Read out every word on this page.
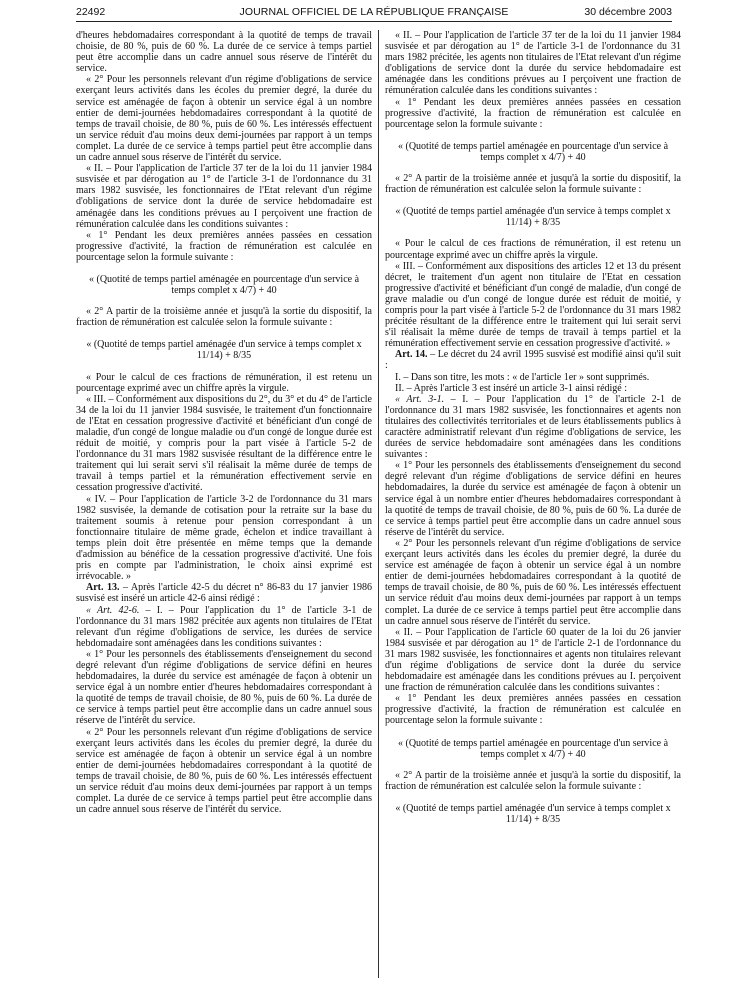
22492	JOURNAL OFFICIEL DE LA RÉPUBLIQUE FRANÇAISE	30 décembre 2003

d'heures hebdomadaires correspondant à la quotité de temps de travail choisie, de 80 %, puis de 60 %. La durée de ce service à temps partiel peut être accomplie dans un cadre annuel sous réserve de l'intérêt du service.

« 2° Pour les personnels relevant d'un régime d'obligations de service exerçant leurs activités dans les écoles du premier degré, la durée du service est aménagée de façon à obtenir un service égal à un nombre entier de demi-journées hebdomadaires correspondant à la quotité de temps de travail choisie, de 80 %, puis de 60 %. Les intéressés effectuent un service réduit d'au moins deux demi-journées par rapport à un temps complet. La durée de ce service à temps partiel peut être accomplie dans un cadre annuel sous réserve de l'intérêt du service.

« II. – Pour l'application de l'article 37 ter de la loi du 11 janvier 1984 susvisée et par dérogation au 1° de l'article 3-1 de l'ordonnance du 31 mars 1982 susvisée, les fonctionnaires de l'Etat relevant d'un régime d'obligations de service dont la durée de service hebdomadaire est aménagée dans les conditions prévues au I perçoivent une fraction de rémunération calculée dans les conditions suivantes :

« 1° Pendant les deux premières années passées en cessation progressive d'activité, la fraction de rémunération est calculée en pourcentage selon la formule suivante :

« (Quotité de temps partiel aménagée en pourcentage d'un service à temps complet x 4/7) + 40

« 2° A partir de la troisième année et jusqu'à la sortie du dispositif, la fraction de rémunération est calculée selon la formule suivante :

« (Quotité de temps partiel aménagée d'un service à temps complet x 11/14) + 8/35

« Pour le calcul de ces fractions de rémunération, il est retenu un pourcentage exprimé avec un chiffre après la virgule.

« III. – Conformément aux dispositions du 2°, du 3° et du 4° de l'article 34 de la loi du 11 janvier 1984 susvisée, le traitement d'un fonctionnaire de l'Etat en cessation progressive d'activité et bénéficiant d'un congé de maladie, d'un congé de longue maladie ou d'un congé de longue durée est réduit de moitié, y compris pour la part visée à l'article 5-2 de l'ordonnance du 31 mars 1982 susvisée résultant de la différence entre le traitement qui lui serait servi s'il réalisait la même durée de temps de travail à temps partiel et la rémunération effectivement servie en cessation progressive d'activité.

« IV. – Pour l'application de l'article 3-2 de l'ordonnance du 31 mars 1982 susvisée, la demande de cotisation pour la retraite sur la base du traitement soumis à retenue pour pension correspondant à un fonctionnaire titulaire de même grade, échelon et indice travaillant à temps plein doit être présentée en même temps que la demande d'admission au bénéfice de la cessation progressive d'activité. Une fois pris en compte par l'administration, le choix ainsi exprimé est irrévocable. »

Art. 13. – Après l'article 42-5 du décret n° 86-83 du 17 janvier 1986 susvisé est inséré un article 42-6 ainsi rédigé :

« Art. 42-6. – I. – Pour l'application du 1° de l'article 3-1 de l'ordonnance du 31 mars 1982 précitée aux agents non titulaires de l'Etat relevant d'un régime d'obligations de service, les durées de service hebdomadaire sont aménagées dans les conditions suivantes :

« 1° Pour les personnels des établissements d'enseignement du second degré relevant d'un régime d'obligations de service défini en heures hebdomadaires, la durée du service est aménagée de façon à obtenir un service égal à un nombre entier d'heures hebdomadaires correspondant à la quotité de temps de travail choisie, de 80 %, puis de 60 %. La durée de ce service à temps partiel peut être accomplie dans un cadre annuel sous réserve de l'intérêt du service.

« 2° Pour les personnels relevant d'un régime d'obligations de service exerçant leurs activités dans les écoles du premier degré, la durée du service est aménagée de façon à obtenir un service égal à un nombre entier de demi-journées hebdomadaires correspondant à la quotité de temps de travail choisie, de 80 %, puis de 60 %. Les intéressés effectuent un service réduit d'au moins deux demi-journées par rapport à un temps complet. La durée de ce service à temps partiel peut être accomplie dans un cadre annuel sous réserve de l'intérêt du service.

« II. – Pour l'application de l'article 37 ter de la loi du 11 janvier 1984 susvisée et par dérogation au 1° de l'article 3-1 de l'ordonnance du 31 mars 1982 précitée, les agents non titulaires de l'Etat relevant d'un régime d'obligations de service dont la durée du service hebdomadaire est aménagée dans les conditions prévues au I perçoivent une fraction de rémunération calculée dans les conditions suivantes :

« 1° Pendant les deux premières années passées en cessation progressive d'activité, la fraction de rémunération est calculée en pourcentage selon la formule suivante :

« (Quotité de temps partiel aménagée en pourcentage d'un service à temps complet x 4/7) + 40

« 2° A partir de la troisième année et jusqu'à la sortie du dispositif, la fraction de rémunération est calculée selon la formule suivante :

« (Quotité de temps partiel aménagée d'un service à temps complet x 11/14) + 8/35

« Pour le calcul de ces fractions de rémunération, il est retenu un pourcentage exprimé avec un chiffre après la virgule.

« III. – Conformément aux dispositions des articles 12 et 13 du présent décret, le traitement d'un agent non titulaire de l'Etat en cessation progressive d'activité et bénéficiant d'un congé de maladie, d'un congé de grave maladie ou d'un congé de longue durée est réduit de moitié, y compris pour la part visée à l'article 5-2 de l'ordonnance du 31 mars 1982 précitée résultant de la différence entre le traitement qui lui serait servi s'il réalisait la même durée de temps de travail à temps partiel et la rémunération effectivement servie en cessation progressive d'activité. »

Art. 14. – Le décret du 24 avril 1995 susvisé est modifié ainsi qu'il suit :

I. – Dans son titre, les mots : « de l'article 1er » sont supprimés.

II. – Après l'article 3 est inséré un article 3-1 ainsi rédigé :

« Art. 3-1. – I. – Pour l'application du 1° de l'article 2-1 de l'ordonnance du 31 mars 1982 susvisée, les fonctionnaires et agents non titulaires des collectivités territoriales et de leurs établissements publics à caractère administratif relevant d'un régime d'obligations de service, les durées de service hebdomadaire sont aménagées dans les conditions suivantes :

« 1° Pour les personnels des établissements d'enseignement du second degré relevant d'un régime d'obligations de service défini en heures hebdomadaires, la durée du service est aménagée de façon à obtenir un service égal à un nombre entier d'heures hebdomadaires correspondant à la quotité de temps de travail choisie, de 80 %, puis de 60 %. La durée de ce service à temps partiel peut être accomplie dans un cadre annuel sous réserve de l'intérêt du service.

« 2° Pour les personnels relevant d'un régime d'obligations de service exerçant leurs activités dans les écoles du premier degré, la durée du service est aménagée de façon à obtenir un service égal à un nombre entier de demi-journées hebdomadaires correspondant à la quotité de temps de travail choisie, de 80 %, puis de 60 %. Les intéressés effectuent un service réduit d'au moins deux demi-journées par rapport à un temps complet. La durée de ce service à temps partiel peut être accomplie dans un cadre annuel sous réserve de l'intérêt du service.

« II. – Pour l'application de l'article 60 quater de la loi du 26 janvier 1984 susvisée et par dérogation au 1° de l'article 2-1 de l'ordonnance du 31 mars 1982 susvisée, les fonctionnaires et agents non titulaires relevant d'un régime d'obligations de service dont la durée du service hebdomadaire est aménagée dans les conditions prévues au I. perçoivent une fraction de rémunération calculée dans les conditions suivantes :

« 1° Pendant les deux premières années passées en cessation progressive d'activité, la fraction de rémunération est calculée en pourcentage selon la formule suivante :

« (Quotité de temps partiel aménagée en pourcentage d'un service à temps complet x 4/7) + 40

« 2° A partir de la troisième année et jusqu'à la sortie du dispositif, la fraction de rémunération est calculée selon la formule suivante :

« (Quotité de temps partiel aménagée d'un service à temps complet x 11/14) + 8/35
